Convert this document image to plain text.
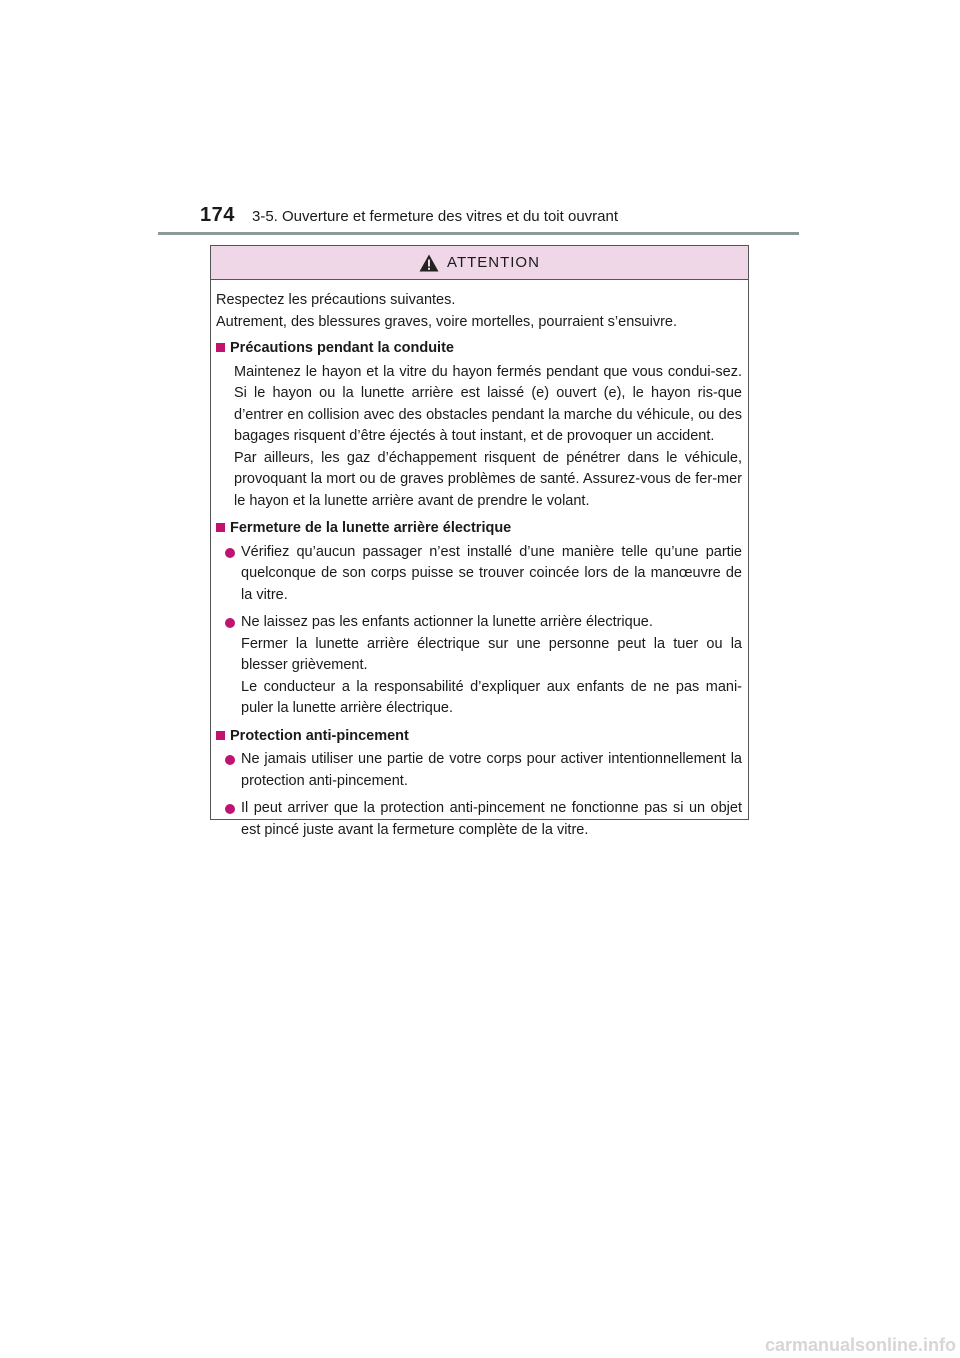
174 3-5. Ouverture et fermeture des vitres et du toit ouvrant
ATTENTION
Respectez les précautions suivantes.
Autrement, des blessures graves, voire mortelles, pourraient s’ensuivre.
Précautions pendant la conduite
Maintenez le hayon et la vitre du hayon fermés pendant que vous condui-sez. Si le hayon ou la lunette arrière est laissé (e) ouvert (e), le hayon ris-que d’entrer en collision avec des obstacles pendant la marche du véhicule, ou des bagages risquent d’être éjectés à tout instant, et de provoquer un accident.
Par ailleurs, les gaz d’échappement risquent de pénétrer dans le véhicule, provoquant la mort ou de graves problèmes de santé. Assurez-vous de fer-mer le hayon et la lunette arrière avant de prendre le volant.
Fermeture de la lunette arrière électrique
Vérifiez qu’aucun passager n’est installé d’une manière telle qu’une partie quelconque de son corps puisse se trouver coincée lors de la manœuvre de la vitre.
Ne laissez pas les enfants actionner la lunette arrière électrique.
Fermer la lunette arrière électrique sur une personne peut la tuer ou la blesser grièvement.
Le conducteur a la responsabilité d’expliquer aux enfants de ne pas mani-puler la lunette arrière électrique.
Protection anti-pincement
Ne jamais utiliser une partie de votre corps pour activer intentionnellement la protection anti-pincement.
Il peut arriver que la protection anti-pincement ne fonctionne pas si un objet est pincé juste avant la fermeture complète de la vitre.
carmanualsonline.info
